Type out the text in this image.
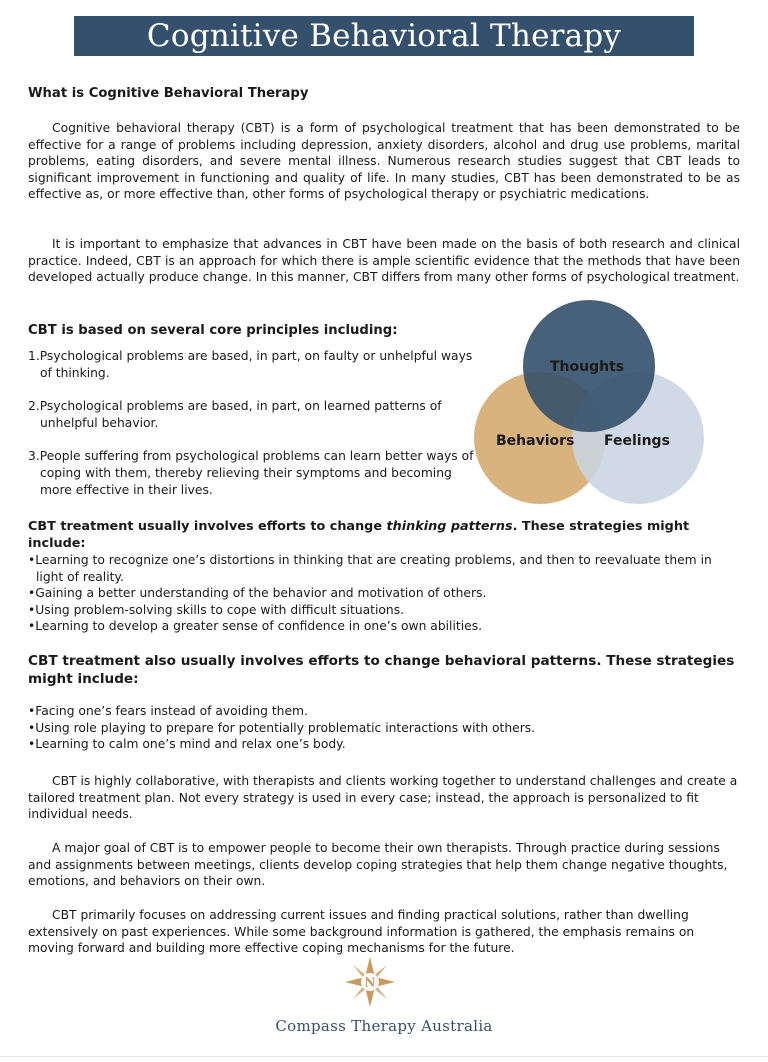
Cognitive Behavioral Therapy
What is Cognitive Behavioral Therapy

Cognitive behavioral therapy (CBT) is a form of psychological treatment that has been demonstrated to be effective for a range of problems including depression, anxiety disorders, alcohol and drug use problems, marital problems, eating disorders, and severe mental illness. Numerous research studies suggest that CBT leads to significant improvement in functioning and quality of life. In many studies, CBT has been demonstrated to be as effective as, or more effective than, other forms of psychological therapy or psychiatric medications.

It is important to emphasize that advances in CBT have been made on the basis of both research and clinical practice. Indeed, CBT is an approach for which there is ample scientific evidence that the methods that have been developed actually produce change. In this manner, CBT differs from many other forms of psychological treatment.

CBT is based on several core principles including:
1.Psychological problems are based, in part, on faulty or unhelpful ways of thinking.
2.Psychological problems are based, in part, on learned patterns of unhelpful behavior.
3.People suffering from psychological problems can learn better ways of coping with them, thereby relieving their symptoms and becoming more effective in their lives.
Thoughts
Behaviors Feelings
CBT treatment usually involves efforts to change thinking patterns. These strategies might include:
•Learning to recognize one’s distortions in thinking that are creating problems, and then to reevaluate them in light of reality.
•Gaining a better understanding of the behavior and motivation of others.
•Using problem-solving skills to cope with difficult situations.
•Learning to develop a greater sense of confidence in one’s own abilities.
CBT treatment also usually involves efforts to change behavioral patterns. These strategies might include:
•Facing one’s fears instead of avoiding them.
•Using role playing to prepare for potentially problematic interactions with others.
•Learning to calm one’s mind and relax one’s body.

CBT is highly collaborative, with therapists and clients working together to understand challenges and create a tailored treatment plan. Not every strategy is used in every case; instead, the approach is personalized to fit individual needs.

A major goal of CBT is to empower people to become their own therapists. Through practice during sessions and assignments between meetings, clients develop coping strategies that help them change negative thoughts, emotions, and behaviors on their own.

CBT primarily focuses on addressing current issues and finding practical solutions, rather than dwelling extensively on past experiences. While some background information is gathered, the emphasis remains on moving forward and building more effective coping mechanisms for the future.

N
Compass Therapy Australia
